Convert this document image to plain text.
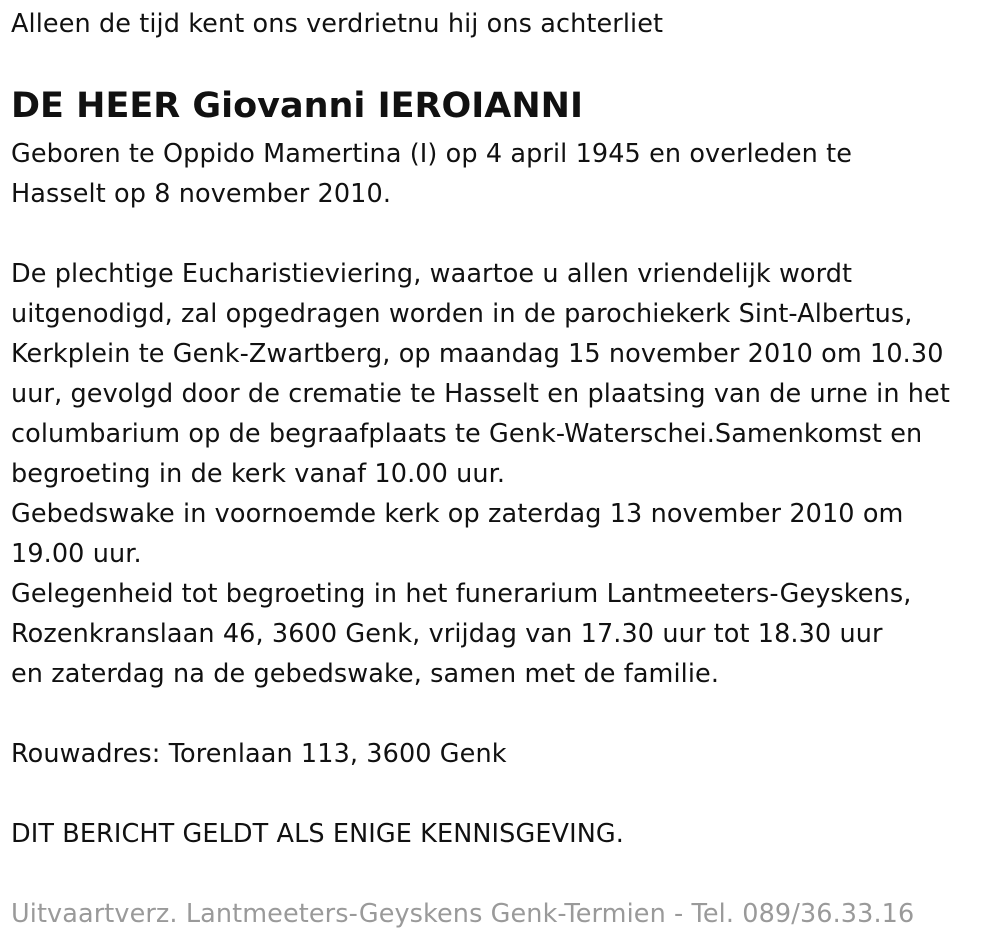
Alleen de tijd kent ons verdrietnu hij ons achterliet
DE HEER Giovanni IEROIANNI
Geboren te Oppido Mamertina (I) op 4 april 1945 en overleden te
Hasselt op 8 november 2010.
De plechtige Eucharistieviering, waartoe u allen vriendelijk wordt
uitgenodigd, zal opgedragen worden in de parochiekerk Sint-Albertus,
Kerkplein te Genk-Zwartberg, op maandag 15 november 2010 om 10.30
uur, gevolgd door de crematie te Hasselt en plaatsing van de urne in het
columbarium op de begraafplaats te Genk-Waterschei.Samenkomst en
begroeting in de kerk vanaf 10.00 uur.
Gebedswake in voornoemde kerk op zaterdag 13 november 2010 om
19.00 uur.
Gelegenheid tot begroeting in het funerarium Lantmeeters-Geyskens,
Rozenkranslaan 46, 3600 Genk, vrijdag van 17.30 uur tot 18.30 uur
en zaterdag na de gebedswake, samen met de familie.
Rouwadres: Torenlaan 113, 3600 Genk
DIT BERICHT GELDT ALS ENIGE KENNISGEVING.
Uitvaartverz. Lantmeeters-Geyskens Genk-Termien - Tel. 089/36.33.16
